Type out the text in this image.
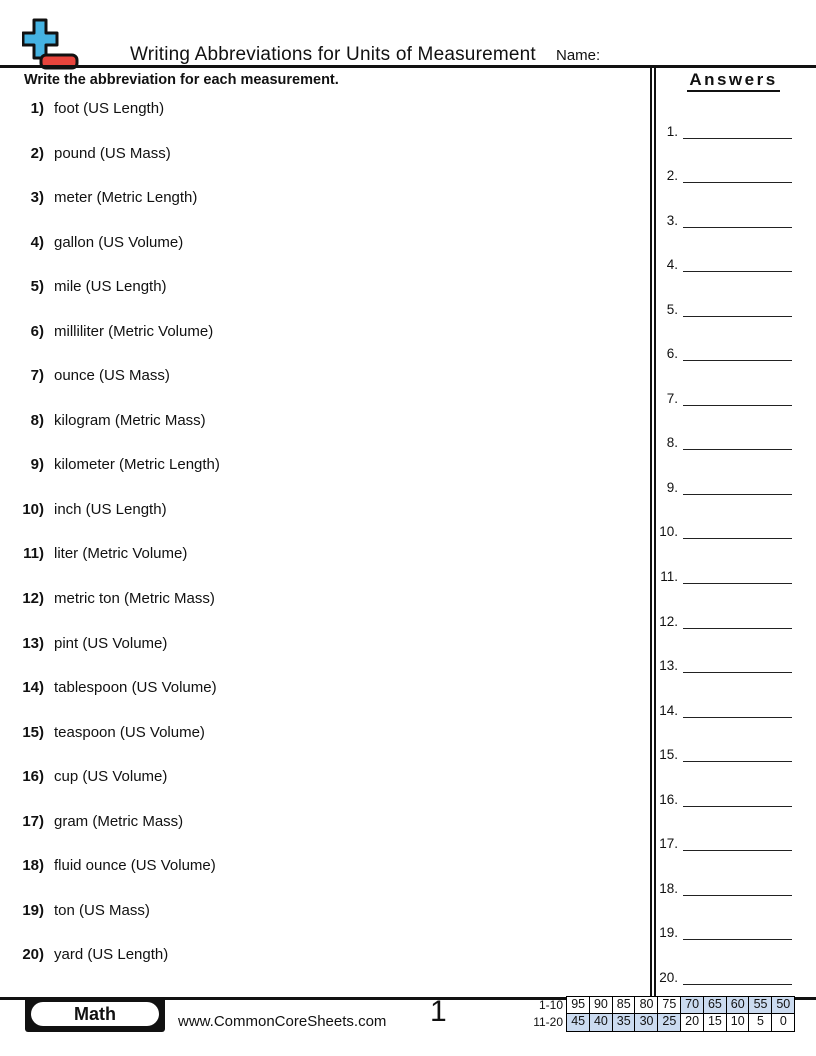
Writing Abbreviations for Units of Measurement Name:
Write the abbreviation for each measurement.
1) foot (US Length)
2) pound (US Mass)
3) meter (Metric Length)
4) gallon (US Volume)
5) mile (US Length)
6) milliliter (Metric Volume)
7) ounce (US Mass)
8) kilogram (Metric Mass)
9) kilometer (Metric Length)
10) inch (US Length)
11) liter (Metric Volume)
12) metric ton (Metric Mass)
13) pint (US Volume)
14) tablespoon (US Volume)
15) teaspoon (US Volume)
16) cup (US Volume)
17) gram (Metric Mass)
18) fluid ounce (US Volume)
19) ton (US Mass)
20) yard (US Length)
Answers
1.
2.
3.
4.
5.
6.
7.
8.
9.
10.
11.
12.
13.
14.
15.
16.
17.
18.
19.
20.
Math	www.CommonCoreSheets.com 1	1-10 95 90 85 80 75 70 65 60 55 50
11-20 45 40 35 30 25 20 15 10 5	0
